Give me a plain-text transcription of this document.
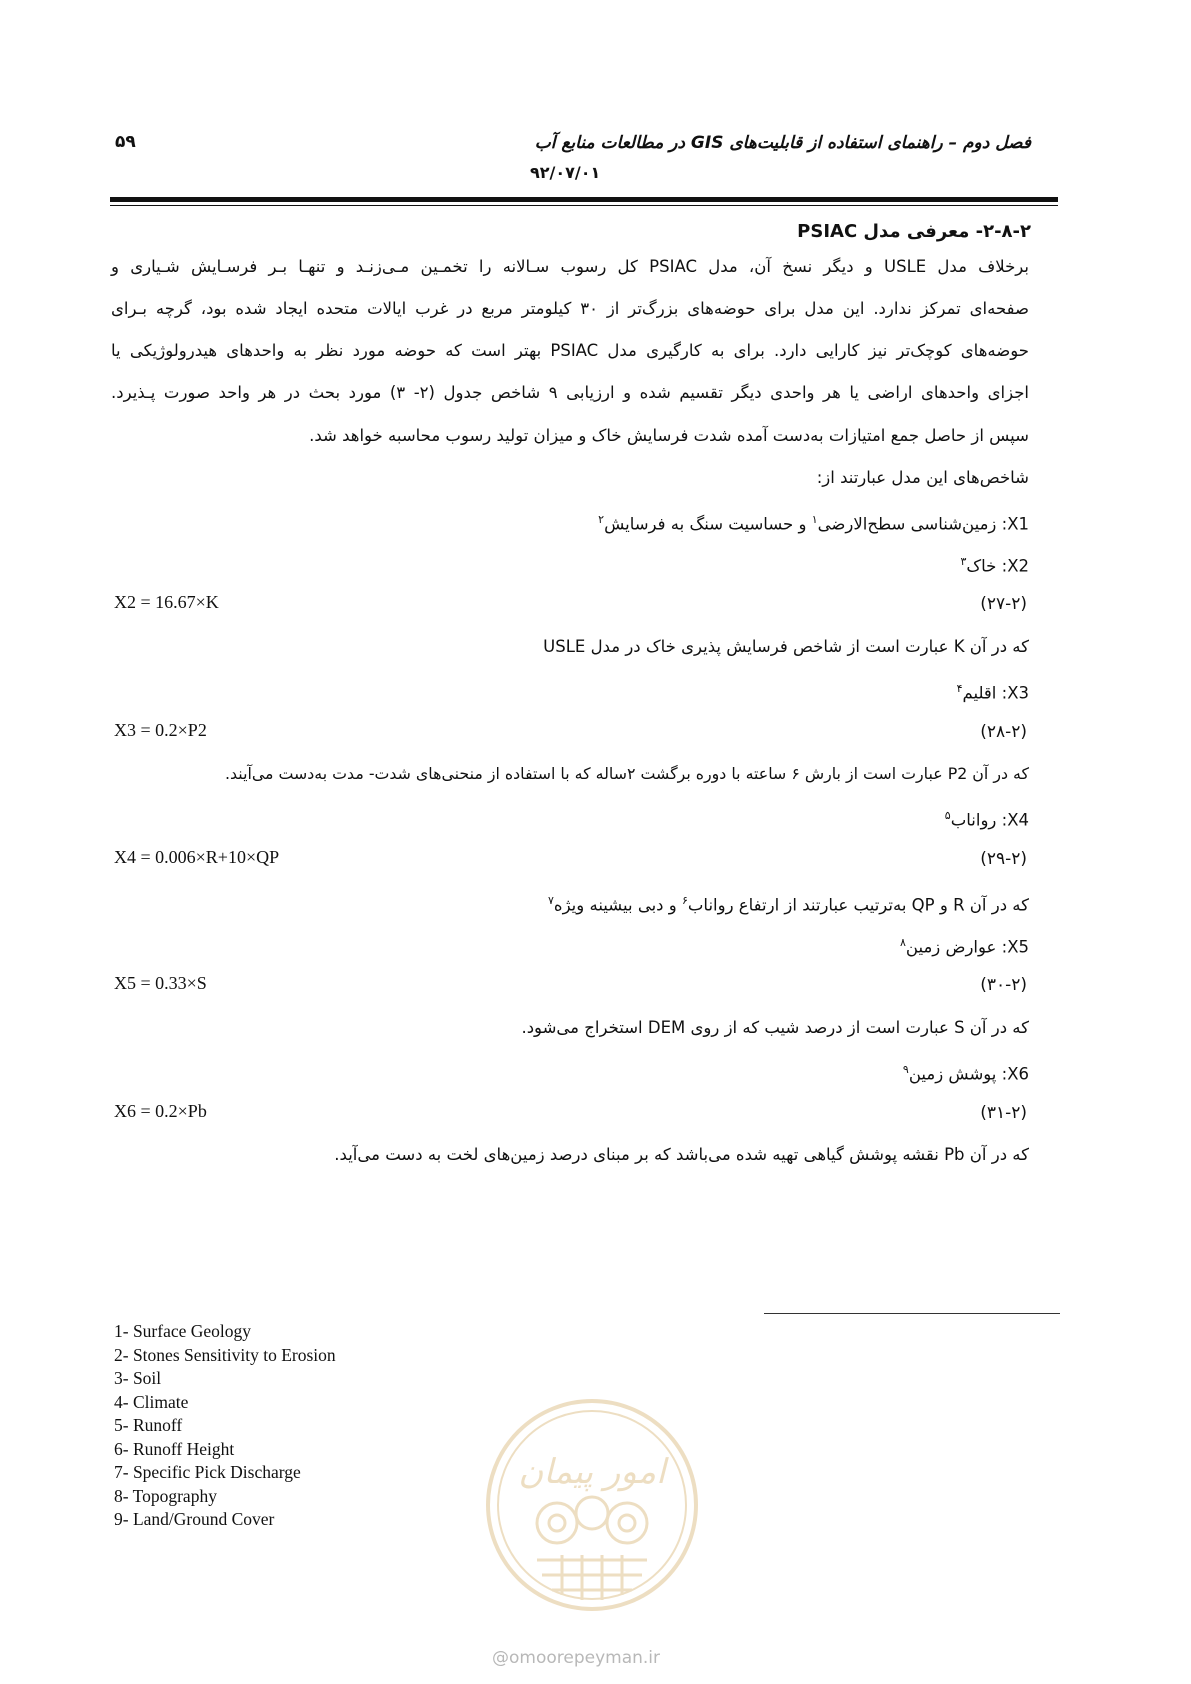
فصل دوم – راهنمای استفاده از قابلیت‌های GIS در مطالعات منابع آب
۵۹
۹۲/۰۷/۰۱
۲-۸-۲- معرفی مدل PSIAC
برخلاف مدل USLE و دیگر نسخ آن، مدل PSIAC کل رسوب سـالانه را تخمـین مـی‌زنـد و تنهـا بـر فرسـایش شـیاری و
صفحه‌ای تمرکز ندارد. این مدل برای حوضه‌های بزرگ‌تر از ۳۰ کیلومتر مربع در غرب ایالات متحده ایجاد شده بود، گرچه بـرای
حوضه‌های کوچک‌تر نیز کارایی دارد. برای به کارگیری مدل PSIAC بهتر است که حوضه مورد نظر به واحدهای هیدرولوژیکی یا
اجزای واحدهای اراضی یا هر واحدی دیگر تقسیم شده و ارزیابی ۹ شاخص جدول (۲- ۳) مورد بحث در هر واحد صورت پـذیرد.
سپس از حاصل جمع امتیازات به‌دست آمده شدت فرسایش خاک و میزان تولید رسوب محاسبه خواهد شد.
شاخص‌های این مدل عبارتند از:
X1: زمین‌شناسی سطح‌الارضی$^۱$ و حساسیت سنگ به فرسایش$^۲$
X2: خاک$^۳$
X2 = 16.67×K	(۲۷-۲)
که در آن K عبارت است از شاخص فرسایش پذیری خاک در مدل USLE
X3: اقلیم$^۴$
X3 = 0.2×P2	(۲۸-۲)
که در آن P2 عبارت است از بارش ۶ ساعته با دوره برگشت ۲ساله که با استفاده از منحنی‌های شدت- مدت به‌دست می‌آیند.
X4: رواناب$^۵$
X4 = 0.006×R+10×QP	(۲۹-۲)
که در آن R و QP به‌ترتیب عبارتند از ارتفاع رواناب$^۶$ و دبی بیشینه ویژه$^۷$
X5: عوارض زمین$^۸$
X5 = 0.33×S	(۳۰-۲)
که در آن S عبارت است از درصد شیب که از روی DEM استخراج می‌شود.
X6: پوشش زمین$^۹$
X6 = 0.2×Pb	(۳۱-۲)
که در آن Pb نقشه پوشش گیاهی تهیه شده می‌باشد که بر مبنای درصد زمین‌های لخت به دست می‌آید.
1- Surface Geology
2- Stones Sensitivity to Erosion
3- Soil
4- Climate
5- Runoff
6- Runoff Height
7- Specific Pick Discharge
8- Topography
9- Land/Ground Cover
امور پیمان
@omoorepeyman.ir
